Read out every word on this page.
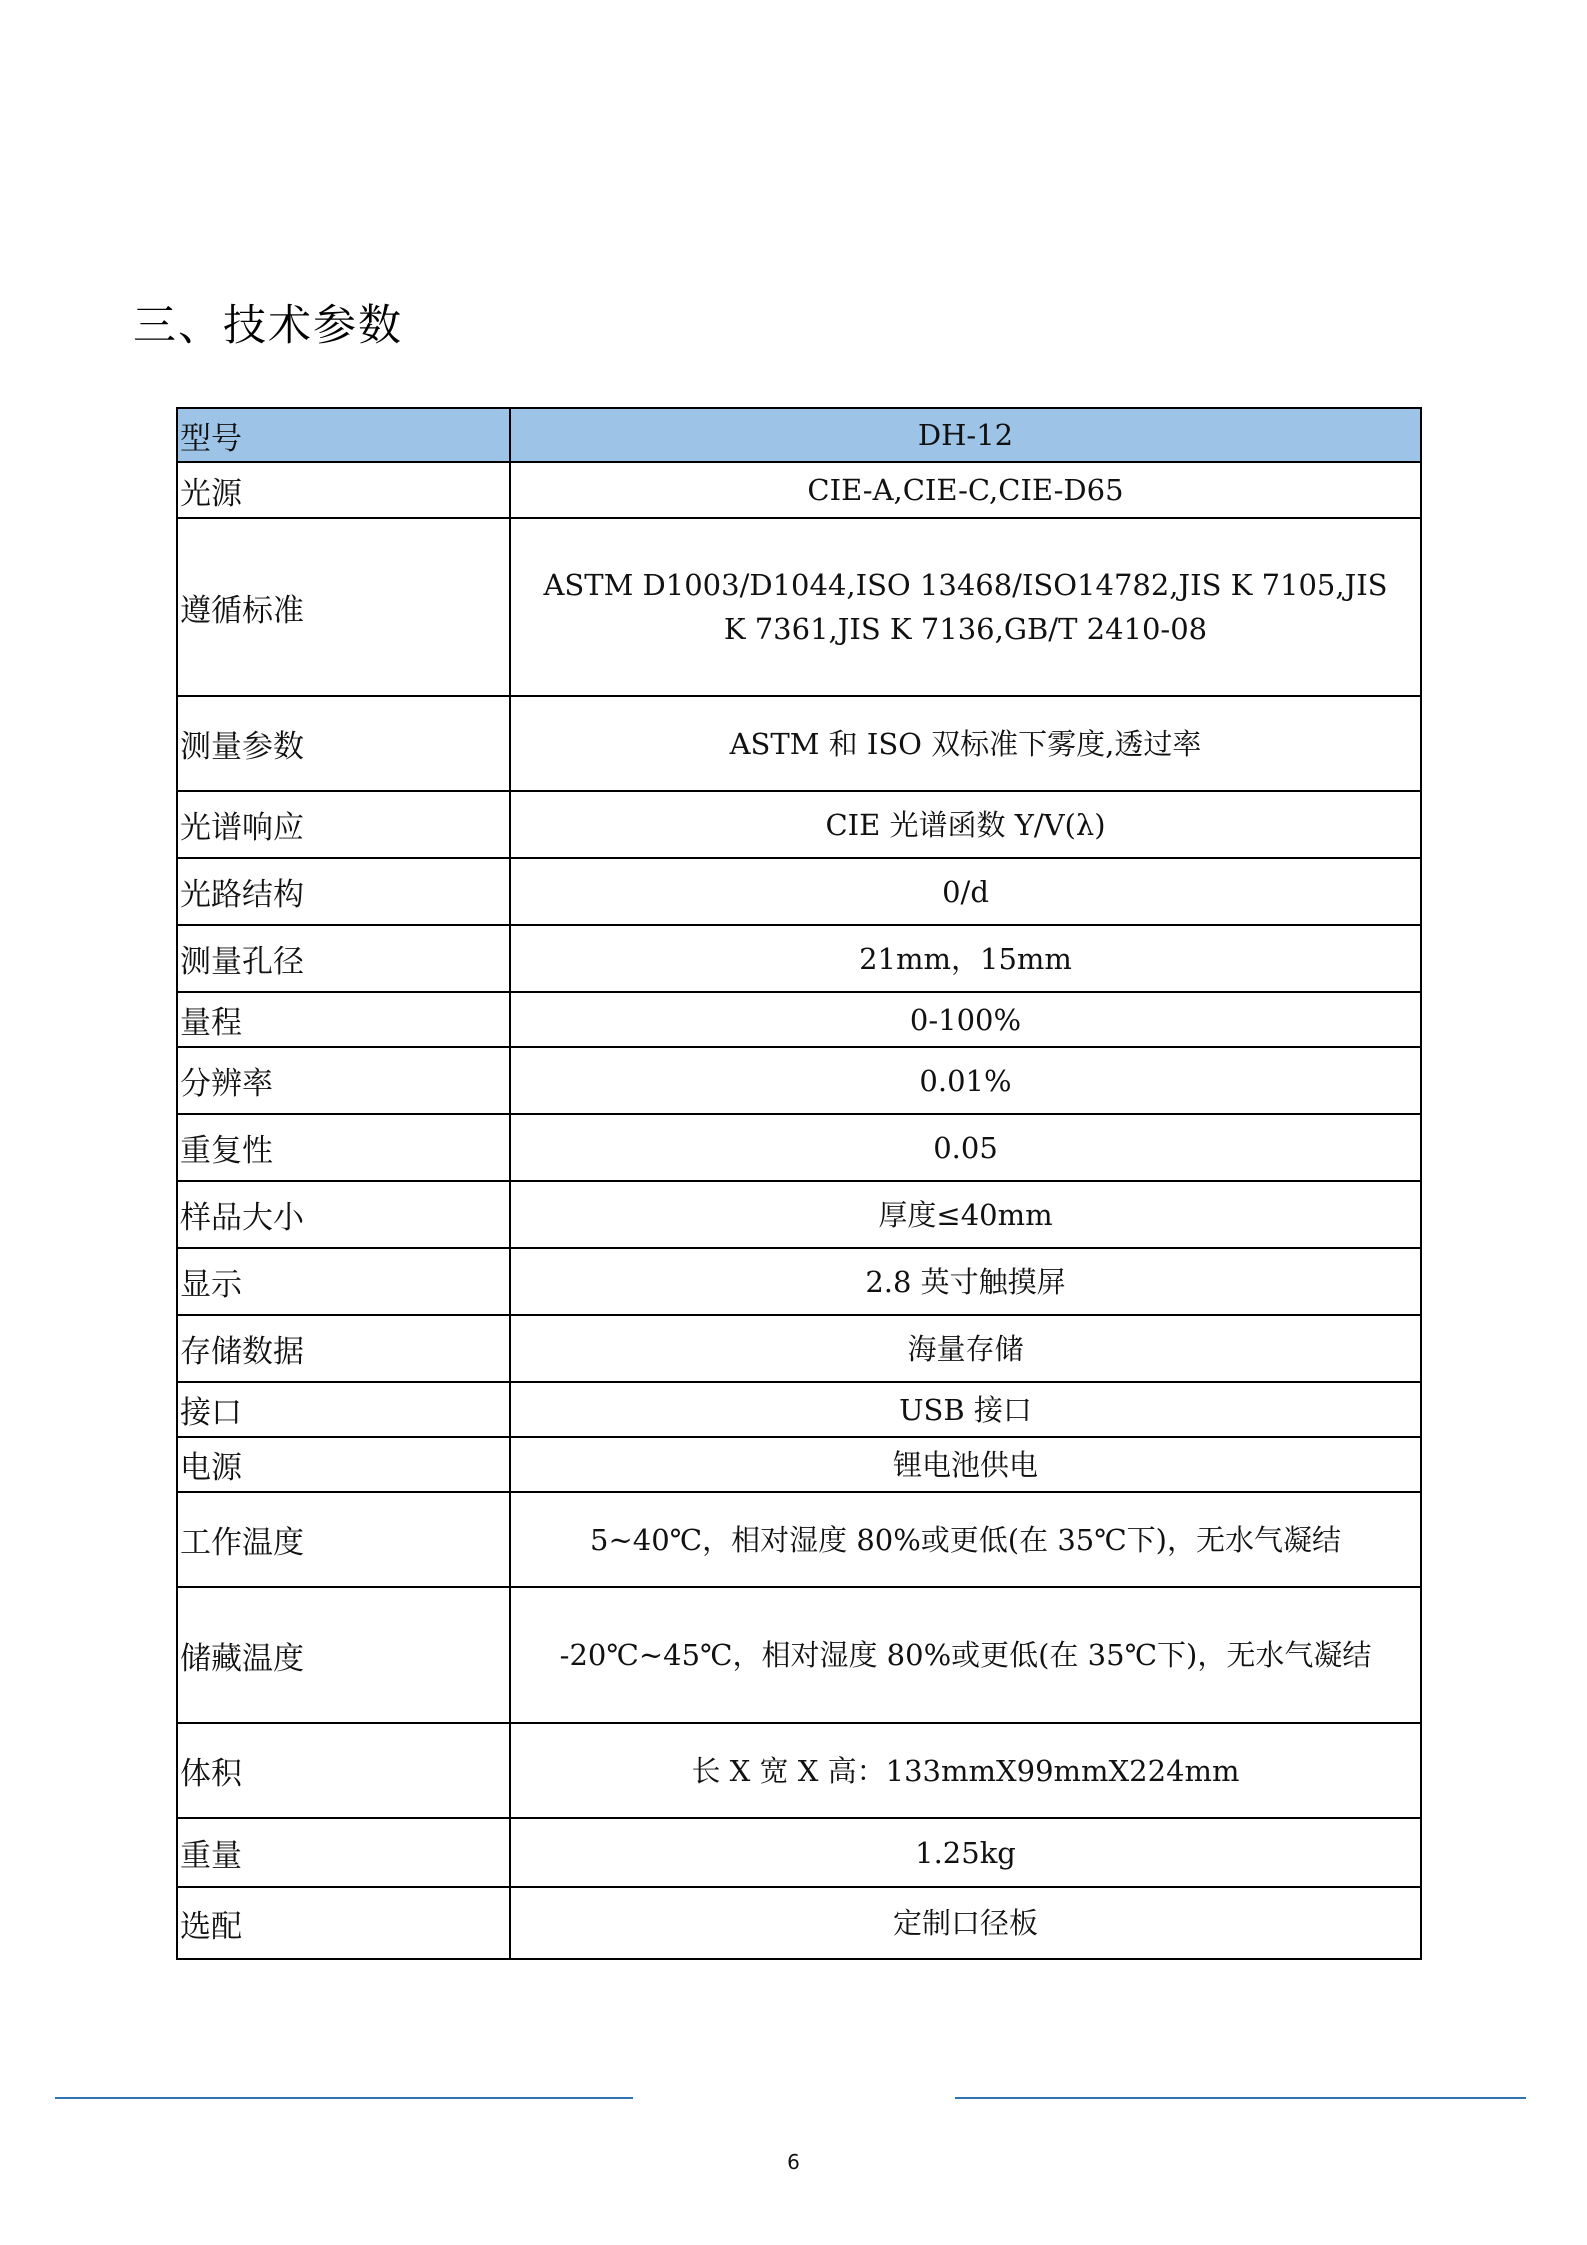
三、技术参数
型号	DH-12
光源	CIE-A,CIE-C,CIE-D65
遵循标准	ASTM D1003/D1044,ISO 13468/ISO14782,JIS K 7105,JIS K 7361,JIS K 7136,GB/T 2410-08
测量参数	ASTM 和 ISO 双标准下雾度,透过率
光谱响应	CIE 光谱函数 Y/V(λ)
光路结构	0/d
测量孔径	21mm，15mm
量程	0-100%
分辨率	0.01%
重复性	0.05
样品大小	厚度≤40mm
显示	2.8 英寸触摸屏
存储数据	海量存储
接口	USB 接口
电源	锂电池供电
工作温度	5~40℃，相对湿度 80%或更低(在 35℃下)，无水气凝结
储藏温度	-20℃~45℃，相对湿度 80%或更低(在 35℃下)，无水气凝结
体积	长 X 宽 X 高：133mmX99mmX224mm
重量	1.25kg
选配	定制口径板
6
